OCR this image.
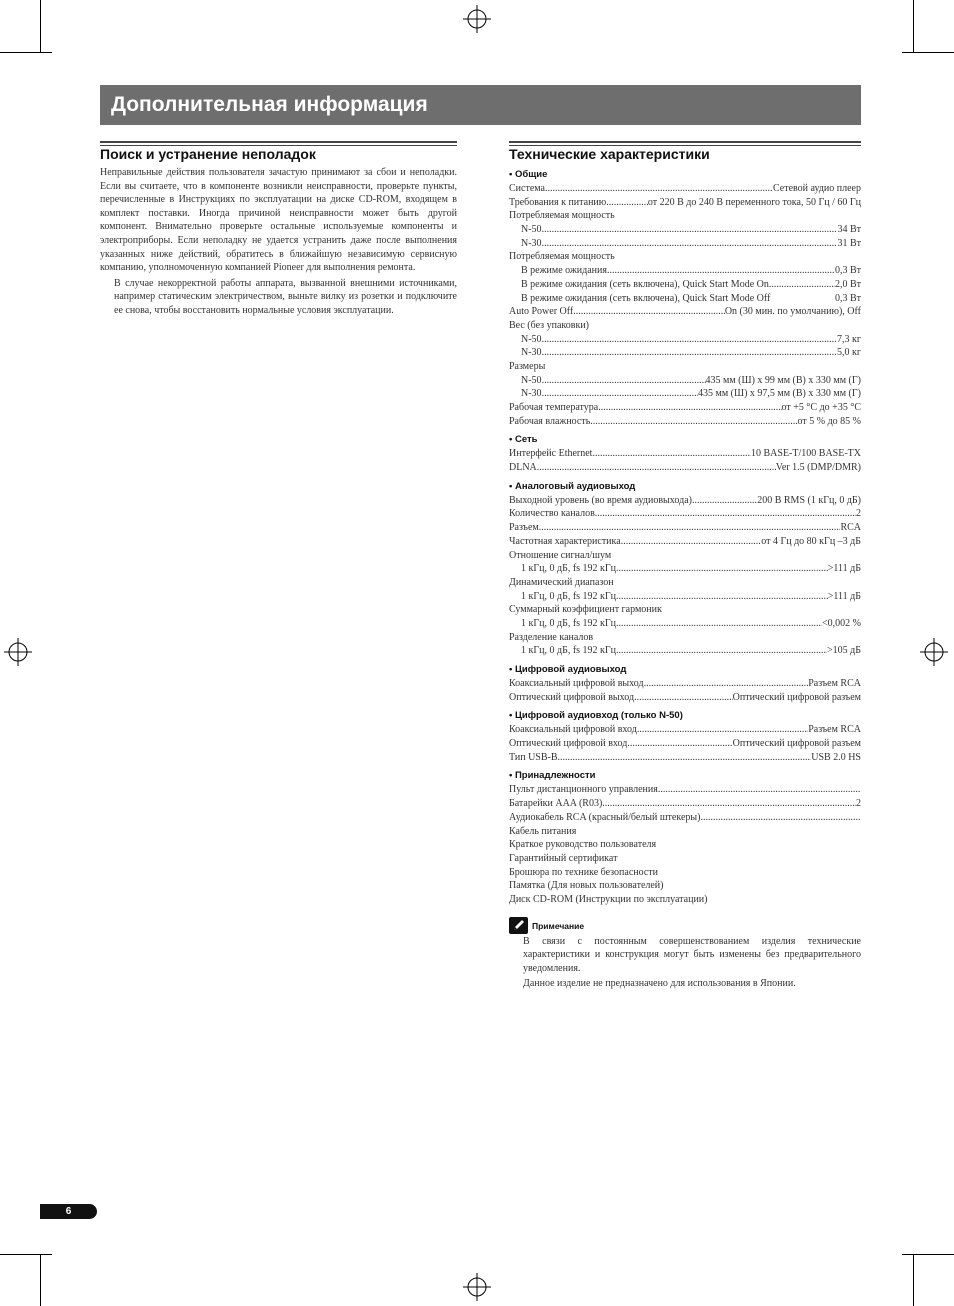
Дополнительная информация
Поиск и устранение неполадок

Неправильные действия пользователя зачастую принимают за сбои и неполадки. Если вы считаете, что в компоненте возникли неисправности, проверьте пункты, перечисленные в Инструкциях по эксплуатации на диске CD-ROM, входящем в комплект поставки. Иногда причиной неисправности может быть другой компонент. Внимательно проверьте остальные используемые компоненты и электроприборы. Если неполадку не удается устранить даже после выполнения указанных ниже действий, обратитесь в ближайшую независимую сервисную компанию, уполномоченную компанией Pioneer для выполнения ремонта.

В случае некорректной работы аппарата, вызванной внешними источниками, например статическим электричеством, выньте вилку из розетки и подключите ее снова, чтобы восстановить нормальные условия эксплуатации.

Технические характеристики
• Общие
Система .....	Сетевой аудио плеер
Требования к питанию .....	от 220 В до 240 В переменного тока, 50 Гц / 60 Гц
Потребляемая мощность
N-50 .....	34 Вт
N-30 .....	31 Вт
Потребляемая мощность
В режиме ожидания .....	0,3 Вт
В режиме ожидания (сеть включена), Quick Start Mode On .....	2,0 Вт
В режиме ожидания (сеть включена), Quick Start Mode Off	0,3 Вт
Auto Power Off .....	On (30 мин. по умолчанию), Off
Вес (без упаковки)
N-50 .....	7,3 кг
N-30 .....	5,0 кг
Размеры
N-50 .....	435 мм (Ш) x 99 мм (В) x 330 мм (Г)
N-30 .....	435 мм (Ш) x 97,5 мм (В) x 330 мм (Г)
Рабочая температура .....	от +5 °C до +35 °C
Рабочая влажность .....	от 5 % до 85 %
• Сеть
Интерфейс Ethernet .....	10 BASE-T/100 BASE-TX
DLNA .....	Ver 1.5 (DMP/DMR)
• Аналоговый аудиовыход
Выходной уровень (во время аудиовыхода) .....	200 В RMS (1 кГц, 0 дБ)
Количество каналов .....	2
Разъем .....	RCA
Частотная характеристика .....	от 4 Гц до 80 кГц –3 дБ
Отношение сигнал/шум
1 кГц, 0 дБ, fs 192 кГц .....	>111 дБ
Динамический диапазон
1 кГц, 0 дБ, fs 192 кГц .....	>111 дБ
Суммарный коэффициент гармоник
1 кГц, 0 дБ, fs 192 кГц .....	<0,002 %
Разделение каналов
1 кГц, 0 дБ, fs 192 кГц .....	>105 дБ
• Цифровой аудиовыход
Коаксиальный цифровой выход .....	Разъем RCA
Оптический цифровой выход .....	Оптический цифровой разъем
• Цифровой аудиовход (только N-50)
Коаксиальный цифровой вход .....	Разъем RCA
Оптический цифровой вход .....	Оптический цифровой разъем
Тип USB-B .....	USB 2.0 HS
• Принадлежности
Пульт дистанционного управления
.....
Батарейки AAA (R03) .....	2
Аудиокабель RCA (красный/белый штекеры)
.....
Кабель питания
Краткое руководство пользователя
Гарантийный сертификат
Брошюра по технике безопасности
Памятка (Для новых пользователей)
Диск CD-ROM (Инструкции по эксплуатации)
Примечание

В связи с постоянным совершенствованием изделия технические характеристики и конструкция могут быть изменены без предварительного уведомления.

Данное изделие не предназначено для использования в Японии.

6
